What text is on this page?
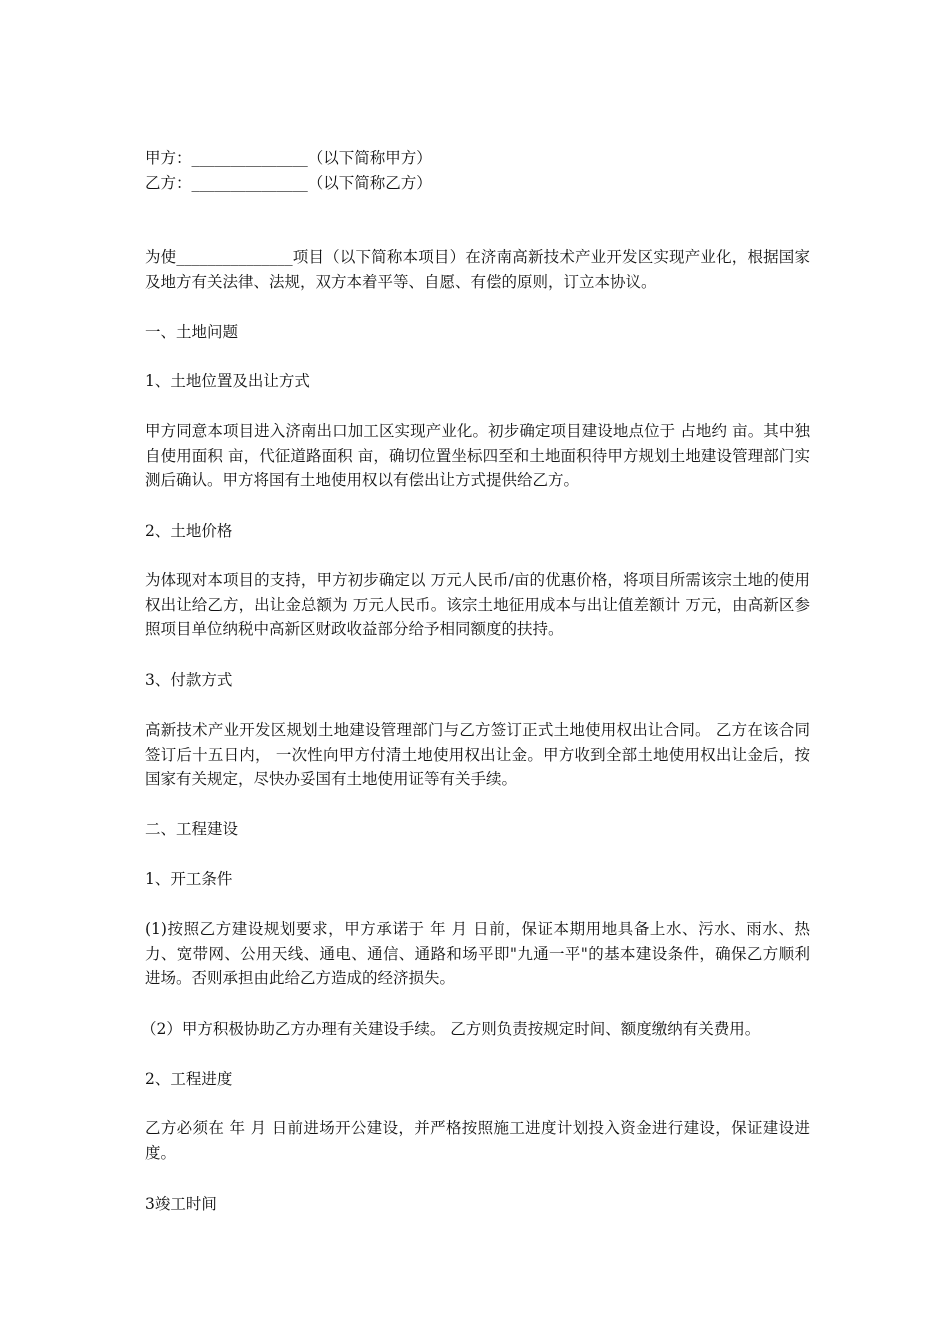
甲方：_______________（以下简称甲方）
乙方：_______________（以下简称乙方）
为使_______________项目（以下简称本项目）在济南高新技术产业开发区实现产业化，根据国家及地方有关法律、法规，双方本着平等、自愿、有偿的原则，订立本协议。
一、土地问题
1、土地位置及出让方式
甲方同意本项目进入济南出口加工区实现产业化。初步确定项目建设地点位于 占地约 亩。其中独自使用面积 亩，代征道路面积 亩，确切位置坐标四至和土地面积待甲方规划土地建设管理部门实测后确认。甲方将国有土地使用权以有偿出让方式提供给乙方。
2、土地价格
为体现对本项目的支持，甲方初步确定以 万元人民币/亩的优惠价格，将项目所需该宗土地的使用权出让给乙方，出让金总额为 万元人民币。该宗土地征用成本与出让值差额计 万元，由高新区参照项目单位纳税中高新区财政收益部分给予相同额度的扶持。
3、付款方式
高新技术产业开发区规划土地建设管理部门与乙方签订正式土地使用权出让合同。 乙方在该合同签订后十五日内， 一次性向甲方付清土地使用权出让金。甲方收到全部土地使用权出让金后，按国家有关规定，尽快办妥国有土地使用证等有关手续。
二、工程建设
1、开工条件
(1)按照乙方建设规划要求，甲方承诺于 年 月 日前，保证本期用地具备上水、污水、雨水、热力、宽带网、公用天线、通电、通信、通路和场平即"九通一平"的基本建设条件，确保乙方顺利进场。否则承担由此给乙方造成的经济损失。
（2）甲方积极协助乙方办理有关建设手续。 乙方则负责按规定时间、额度缴纳有关费用。
2、工程进度
乙方必须在 年 月 日前进场开公建设，并严格按照施工进度计划投入资金进行建设，保证建设进度。
3竣工时间
